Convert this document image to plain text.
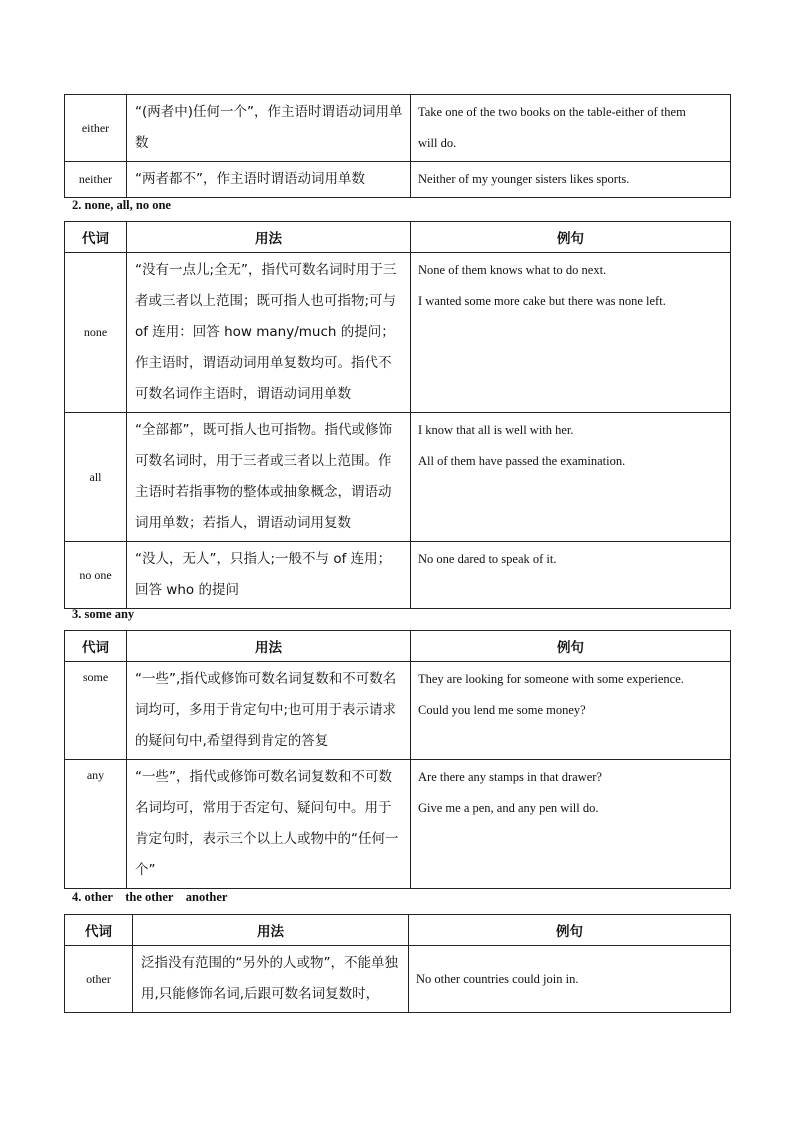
either	“(两者中)任何一个”，作主语时谓语动词用单数	Take one of the two books on the table-either of them
will do.

neither	“两者都不”，作主语时谓语动词用单数	Neither of my younger sisters likes sports.
2. none, all, no one
代词	用法	例句
none	“没有一点儿;全无”，指代可数名词时用于三者或三者以上范围；既可指人也可指物;可与 of 连用：回答 how many/much 的提问；作主语时，谓语动词用单复数均可。指代不可数名词作主语时，谓语动词用单数	None of them knows what to do next.
I wanted some more cake but there was none left.

all	“全部都”，既可指人也可指物。指代或修饰可数名词时，用于三者或三者以上范围。作主语时若指事物的整体或抽象概念，谓语动词用单数；若指人，谓语动词用复数	I know that all is well with her.
All of them have passed the examination.

no one	“没人，无人”，只指人;一般不与 of 连用；回答 who 的提问	No one dared to speak of it.
3. some any
代词	用法	例句
some	“一些”,指代或修饰可数名词复数和不可数名词均可，多用于肯定句中;也可用于表示请求的疑问句中,希望得到肯定的答复	They are looking for someone with some experience.
Could you lend me some money?

any	“一些”，指代或修饰可数名词复数和不可数名词均可，常用于否定句、疑问句中。用于肯定句时，表示三个以上人或物中的“任何一个”	Are there any stamps in that drawer?
Give me a pen, and any pen will do.
4. other    the other    another
代词	用法	例句
other	泛指没有范围的“另外的人或物”，不能单独用,只能修饰名词,后跟可数名词复数时，	No other countries could join in.
